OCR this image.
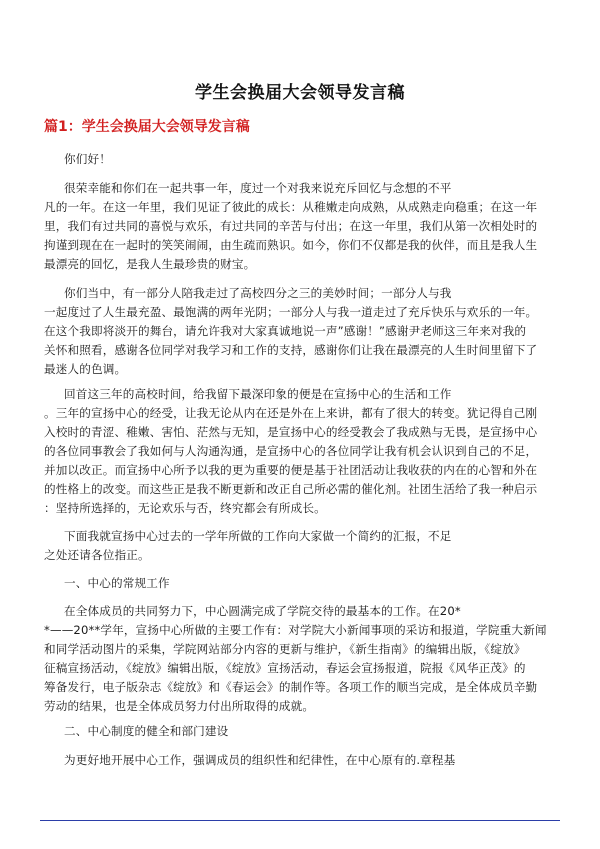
学生会换届大会领导发言稿
篇1：学生会换届大会领导发言稿
你们好！
很荣幸能和你们在一起共事一年，度过一个对我来说充斥回忆与念想的不平
凡的一年。在这一年里，我们见证了彼此的成长：从稚嫩走向成熟，从成熟走向稳重；在这一年
里，我们有过共同的喜悦与欢乐，有过共同的辛苦与付出；在这一年里，我们从第一次相处时的
拘谨到现在在一起时的笑笑闹闹，由生疏而熟识。如今，你们不仅都是我的伙伴，而且是我人生
最漂亮的回忆，是我人生最珍贵的财宝。
你们当中，有一部分人陪我走过了高校四分之三的美妙时间；一部分人与我
一起度过了人生最充盈、最饱满的两年光阴；一部分人与我一道走过了充斥快乐与欢乐的一年。
在这个我即将淡开的舞台，请允许我对大家真诚地说一声”感谢！”感谢尹老师这三年来对我的
关怀和照看，感谢各位同学对我学习和工作的支持，感谢你们让我在最漂亮的人生时间里留下了
最迷人的色调。
回首这三年的高校时间，给我留下最深印象的便是在宣扬中心的生活和工作
。三年的宣扬中心的经受，让我无论从内在还是外在上来讲，都有了很大的转变。犹记得自己刚
入校时的青涩、稚嫩、害怕、茫然与无知，是宣扬中心的经受教会了我成熟与无畏，是宣扬中心
的各位同事教会了我如何与人沟通沟通，是宣扬中心的各位同学让我有机会认识到自己的不足，
并加以改正。而宣扬中心所予以我的更为重要的便是基于社团活动让我收获的内在的心智和外在
的性格上的改变。而这些正是我不断更新和改正自己所必需的催化剂。社团生活给了我一种启示
：坚持所选择的，无论欢乐与否，终究都会有所成长。
下面我就宣扬中心过去的一学年所做的工作向大家做一个简约的汇报，不足
之处还请各位指正。
一、中心的常规工作
在全体成员的共同努力下，中心圆满完成了学院交待的最基本的工作。在20*
*——20**学年，宣扬中心所做的主要工作有：对学院大小新闻事项的采访和报道，学院重大新闻
和同学活动图片的采集，学院网站部分内容的更新与维护，《新生指南》的编辑出版，《绽放》
征稿宣扬活动，《绽放》编辑出版，《绽放》宣扬活动，春运会宣扬报道，院报《风华正茂》的
筹备发行，电子版杂志《绽放》和《春运会》的制作等。各项工作的顺当完成，是全体成员辛勤
劳动的结果，也是全体成员努力付出所取得的成就。
二、中心制度的健全和部门建设
为更好地开展中心工作，强调成员的组织性和纪律性，在中心原有的.章程基
